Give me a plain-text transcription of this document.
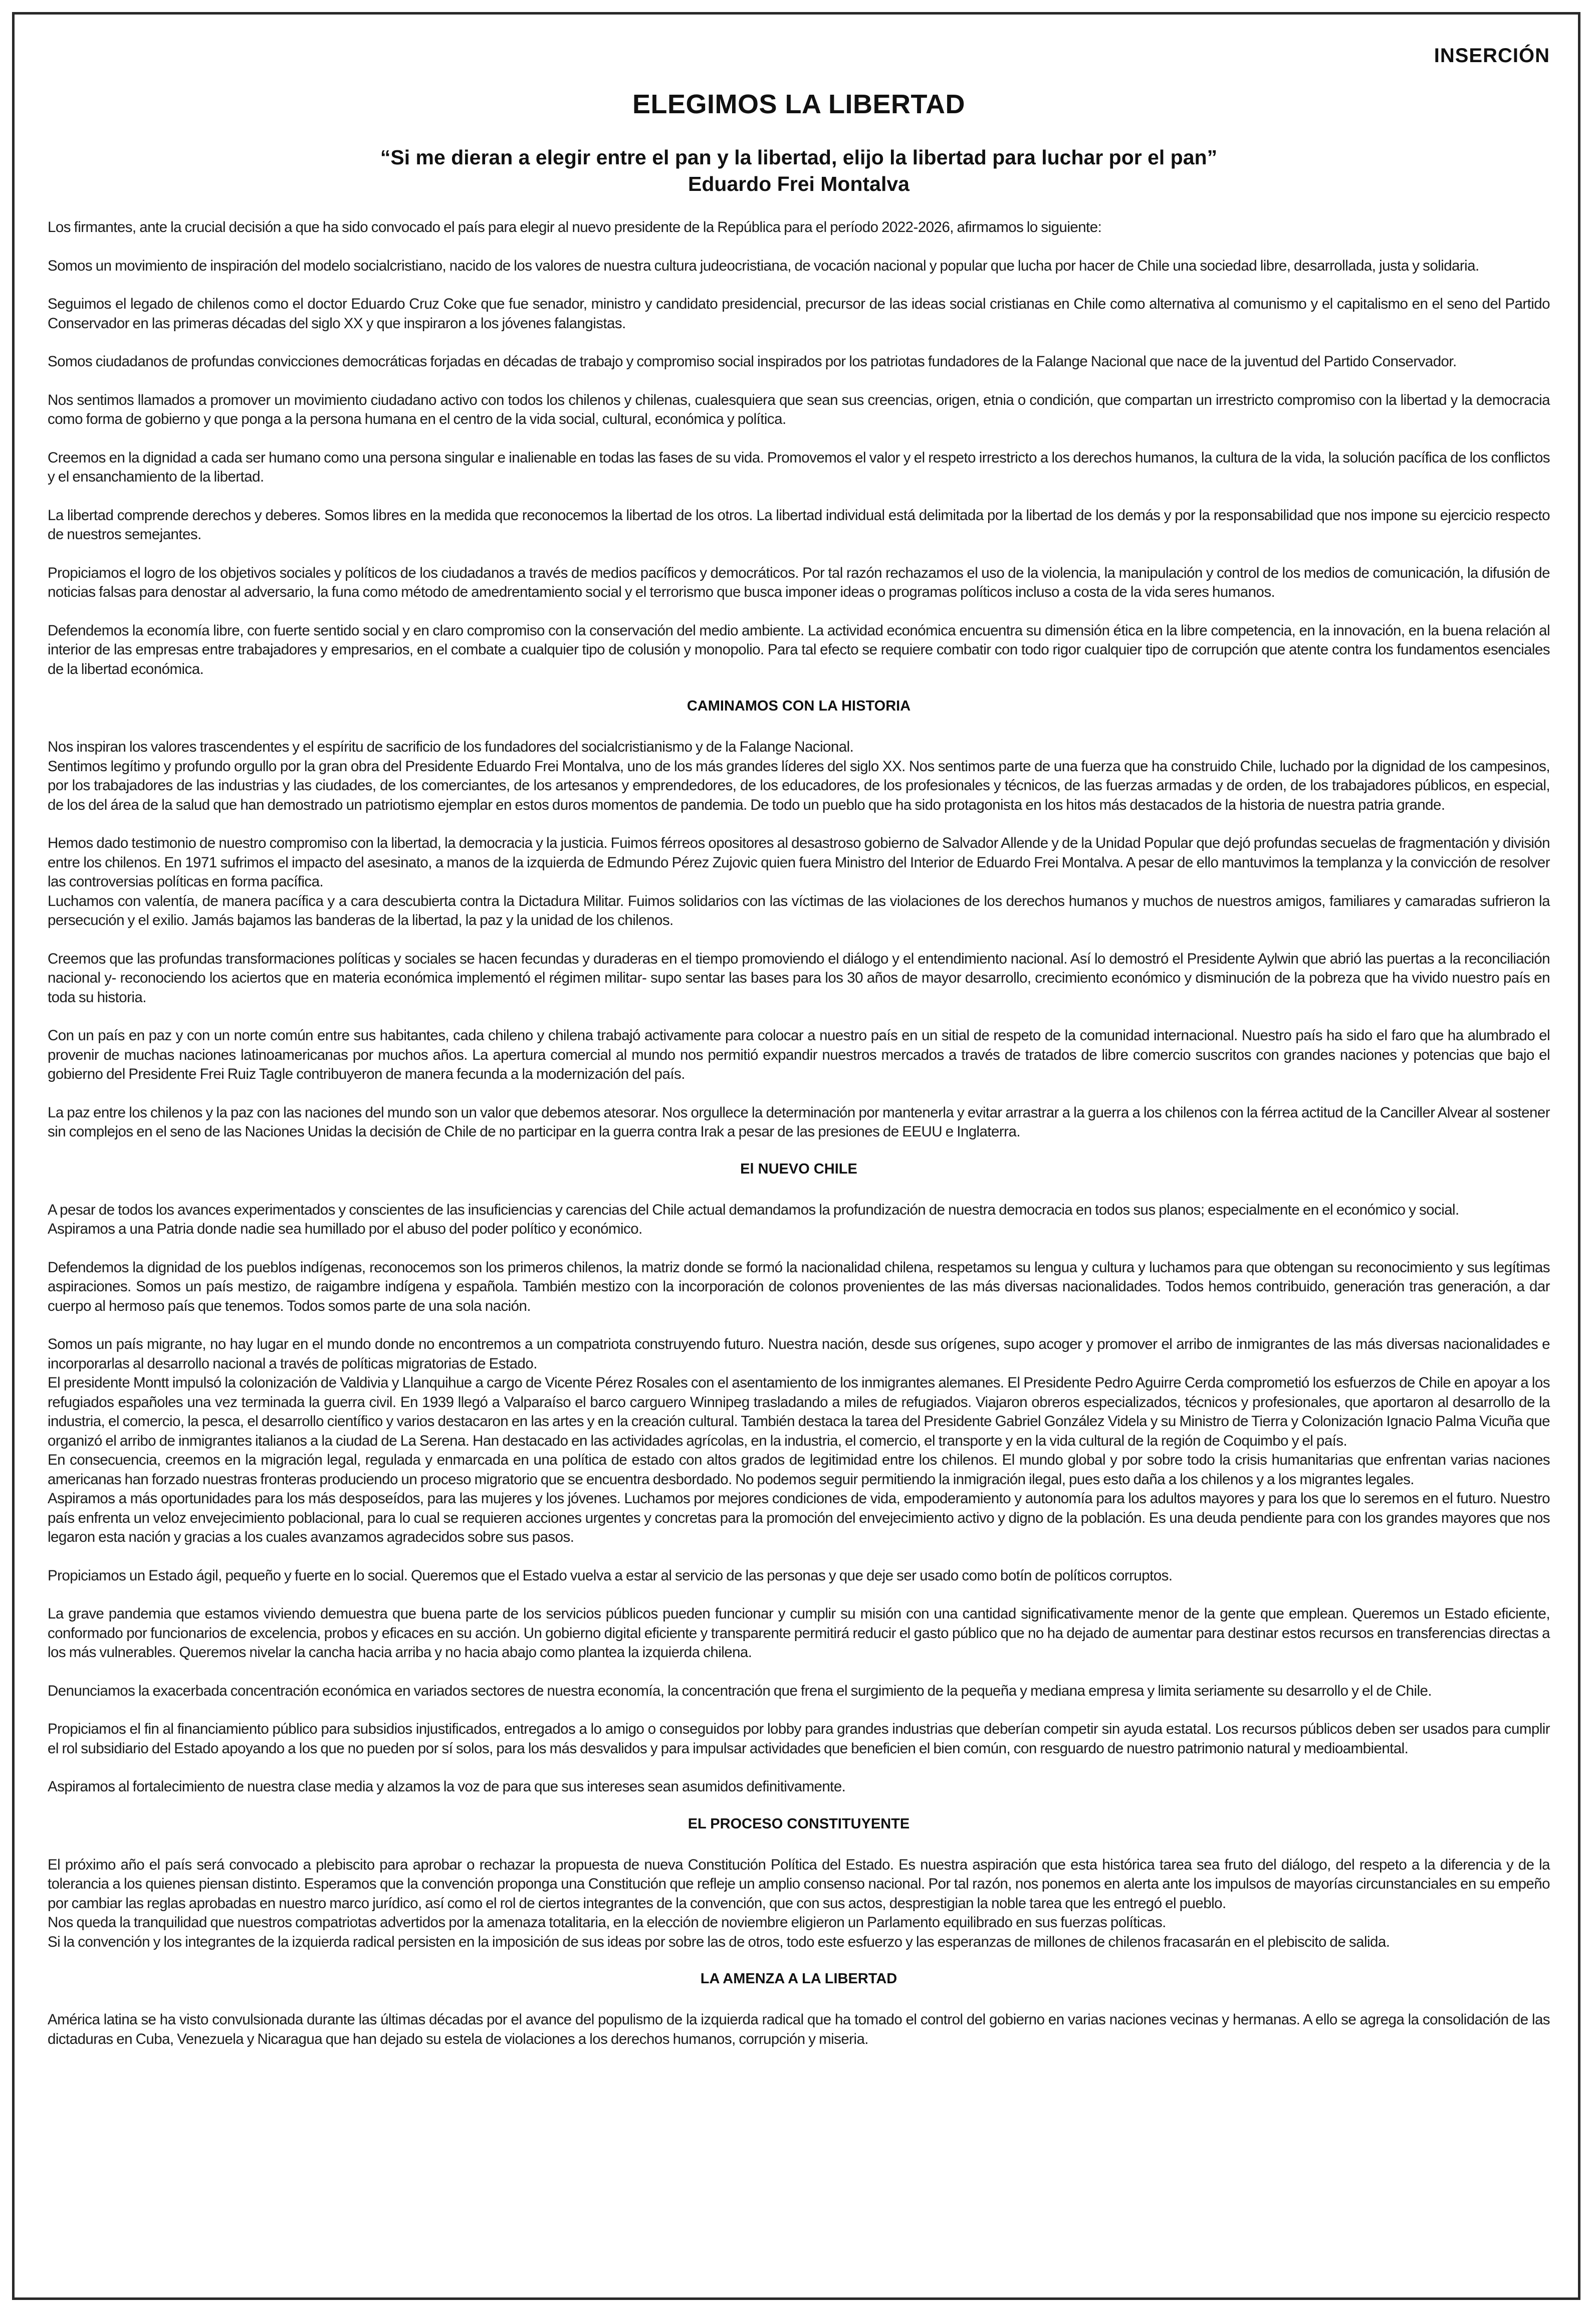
INSERCIÓN
ELEGIMOS LA LIBERTAD
“Si me dieran a elegir entre el pan y la libertad, elijo la libertad para luchar por el pan”
Eduardo Frei Montalva

Los firmantes, ante la crucial decisión a que ha sido convocado el país para elegir al nuevo presidente de la República para el período 2022-2026, afirmamos lo siguiente:

Somos un movimiento de inspiración del modelo socialcristiano, nacido de los valores de nuestra cultura judeocristiana, de vocación nacional y popular que lucha por hacer de Chile una sociedad libre, desarrollada, justa y solidaria.

Seguimos el legado de chilenos como el doctor Eduardo Cruz Coke que fue senador, ministro y candidato presidencial, precursor de las ideas social cristianas en Chile como alternativa al comunismo y el capitalismo en el seno del Partido Conservador en las primeras décadas del siglo XX y que inspiraron a los jóvenes falangistas.

Somos ciudadanos de profundas convicciones democráticas forjadas en décadas de trabajo y compromiso social inspirados por los patriotas fundadores de la Falange Nacional que nace de la juventud del Partido Conservador.

Nos sentimos llamados a promover un movimiento ciudadano activo con todos los chilenos y chilenas, cualesquiera que sean sus creencias, origen, etnia o condición, que compartan un irrestricto compromiso con la libertad y la democracia como forma de gobierno y que ponga a la persona humana en el centro de la vida social, cultural, económica y política.

Creemos en la dignidad a cada ser humano como una persona singular e inalienable en todas las fases de su vida. Promovemos el valor y el respeto irrestricto a los derechos humanos, la cultura de la vida, la solución pacífica de los conflictos y el ensanchamiento de la libertad.

La libertad comprende derechos y deberes. Somos libres en la medida que reconocemos la libertad de los otros. La libertad individual está delimitada por la libertad de los demás y por la responsabilidad que nos impone su ejercicio respecto de nuestros semejantes.

Propiciamos el logro de los objetivos sociales y políticos de los ciudadanos a través de medios pacíficos y democráticos. Por tal razón rechazamos el uso de la violencia, la manipulación y control de los medios de comunicación, la difusión de noticias falsas para denostar al adversario, la funa como método de amedrentamiento social y el terrorismo que busca imponer ideas o programas políticos incluso a costa de la vida seres humanos.

Defendemos la economía libre, con fuerte sentido social y en claro compromiso con la conservación del medio ambiente. La actividad económica encuentra su dimensión ética en la libre competencia, en la innovación, en la buena relación al interior de las empresas entre trabajadores y empresarios, en el combate a cualquier tipo de colusión y monopolio. Para tal efecto se requiere combatir con todo rigor cualquier tipo de corrupción que atente contra los fundamentos esenciales de la libertad económica.

CAMINAMOS CON LA HISTORIA

Nos inspiran los valores trascendentes y el espíritu de sacrificio de los fundadores del socialcristianismo y de la Falange Nacional.

Sentimos legítimo y profundo orgullo por la gran obra del Presidente Eduardo Frei Montalva, uno de los más grandes líderes del siglo XX. Nos sentimos parte de una fuerza que ha construido Chile, luchado por la dignidad de los campesinos, por los trabajadores de las industrias y las ciudades, de los comerciantes, de los artesanos y emprendedores, de los educadores, de los profesionales y técnicos, de las fuerzas armadas y de orden, de los trabajadores públicos, en especial, de los del área de la salud que han demostrado un patriotismo ejemplar en estos duros momentos de pandemia. De todo un pueblo que ha sido protagonista en los hitos más destacados de la historia de nuestra patria grande.

Hemos dado testimonio de nuestro compromiso con la libertad, la democracia y la justicia. Fuimos férreos opositores al desastroso gobierno de Salvador Allende y de la Unidad Popular que dejó profundas secuelas de fragmentación y división entre los chilenos. En 1971 sufrimos el impacto del asesinato, a manos de la izquierda de Edmundo Pérez Zujovic quien fuera Ministro del Interior de Eduardo Frei Montalva. A pesar de ello mantuvimos la templanza y la convicción de resolver las controversias políticas en forma pacífica.

Luchamos con valentía, de manera pacífica y a cara descubierta contra la Dictadura Militar. Fuimos solidarios con las víctimas de las violaciones de los derechos humanos y muchos de nuestros amigos, familiares y camaradas sufrieron la persecución y el exilio. Jamás bajamos las banderas de la libertad, la paz y la unidad de los chilenos.

Creemos que las profundas transformaciones políticas y sociales se hacen fecundas y duraderas en el tiempo promoviendo el diálogo y el entendimiento nacional. Así lo demostró el Presidente Aylwin que abrió las puertas a la reconciliación nacional y- reconociendo los aciertos que en materia económica implementó el régimen militar- supo sentar las bases para los 30 años de mayor desarrollo, crecimiento económico y disminución de la pobreza que ha vivido nuestro país en toda su historia.

Con un país en paz y con un norte común entre sus habitantes, cada chileno y chilena trabajó activamente para colocar a nuestro país en un sitial de respeto de la comunidad internacional. Nuestro país ha sido el faro que ha alumbrado el provenir de muchas naciones latinoamericanas por muchos años. La apertura comercial al mundo nos permitió expandir nuestros mercados a través de tratados de libre comercio suscritos con grandes naciones y potencias que bajo el gobierno del Presidente Frei Ruiz Tagle contribuyeron de manera fecunda a la modernización del país.

La paz entre los chilenos y la paz con las naciones del mundo son un valor que debemos atesorar. Nos orgullece la determinación por mantenerla y evitar arrastrar a la guerra a los chilenos con la férrea actitud de la Canciller Alvear al sostener sin complejos en el seno de las Naciones Unidas la decisión de Chile de no participar en la guerra contra Irak a pesar de las presiones de EEUU e Inglaterra.

El NUEVO CHILE

A pesar de todos los avances experimentados y conscientes de las insuficiencias y carencias del Chile actual demandamos la profundización de nuestra democracia en todos sus planos; especialmente en el económico y social.

Aspiramos a una Patria donde nadie sea humillado por el abuso del poder político y económico.

Defendemos la dignidad de los pueblos indígenas, reconocemos son los primeros chilenos, la matriz donde se formó la nacionalidad chilena, respetamos su lengua y cultura y luchamos para que obtengan su reconocimiento y sus legítimas aspiraciones. Somos un país mestizo, de raigambre indígena y española. También mestizo con la incorporación de colonos provenientes de las más diversas nacionalidades. Todos hemos contribuido, generación tras generación, a dar cuerpo al hermoso país que tenemos. Todos somos parte de una sola nación.

Somos un país migrante, no hay lugar en el mundo donde no encontremos a un compatriota construyendo futuro. Nuestra nación, desde sus orígenes, supo acoger y promover el arribo de inmigrantes de las más diversas nacionalidades e incorporarlas al desarrollo nacional a través de políticas migratorias de Estado.

El presidente Montt impulsó la colonización de Valdivia y Llanquihue a cargo de Vicente Pérez Rosales con el asentamiento de los inmigrantes alemanes. El Presidente Pedro Aguirre Cerda comprometió los esfuerzos de Chile en apoyar a los refugiados españoles una vez terminada la guerra civil. En 1939 llegó a Valparaíso el barco carguero Winnipeg trasladando a miles de refugiados. Viajaron obreros especializados, técnicos y profesionales, que aportaron al desarrollo de la industria, el comercio, la pesca, el desarrollo científico y varios destacaron en las artes y en la creación cultural. También destaca la tarea del Presidente Gabriel González Videla y su Ministro de Tierra y Colonización Ignacio Palma Vicuña que organizó el arribo de inmigrantes italianos a la ciudad de La Serena. Han destacado en las actividades agrícolas, en la industria, el comercio, el transporte y en la vida cultural de la región de Coquimbo y el país.

En consecuencia, creemos en la migración legal, regulada y enmarcada en una política de estado con altos grados de legitimidad entre los chilenos. El mundo global y por sobre todo la crisis humanitarias que enfrentan varias naciones americanas han forzado nuestras fronteras produciendo un proceso migratorio que se encuentra desbordado. No podemos seguir permitiendo la inmigración ilegal, pues esto daña a los chilenos y a los migrantes legales.

Aspiramos a más oportunidades para los más desposeídos, para las mujeres y los jóvenes. Luchamos por mejores condiciones de vida, empoderamiento y autonomía para los adultos mayores y para los que lo seremos en el futuro. Nuestro país enfrenta un veloz envejecimiento poblacional, para lo cual se requieren acciones urgentes y concretas para la promoción del envejecimiento activo y digno de la población. Es una deuda pendiente para con los grandes mayores que nos legaron esta nación y gracias a los cuales avanzamos agradecidos sobre sus pasos.

Propiciamos un Estado ágil, pequeño y fuerte en lo social. Queremos que el Estado vuelva a estar al servicio de las personas y que deje ser usado como botín de políticos corruptos.

La grave pandemia que estamos viviendo demuestra que buena parte de los servicios públicos pueden funcionar y cumplir su misión con una cantidad significativamente menor de la gente que emplean. Queremos un Estado eficiente, conformado por funcionarios de excelencia, probos y eficaces en su acción. Un gobierno digital eficiente y transparente permitirá reducir el gasto público que no ha dejado de aumentar para destinar estos recursos en transferencias directas a los más vulnerables. Queremos nivelar la cancha hacia arriba y no hacia abajo como plantea la izquierda chilena.

Denunciamos la exacerbada concentración económica en variados sectores de nuestra economía, la concentración que frena el surgimiento de la pequeña y mediana empresa y limita seriamente su desarrollo y el de Chile.

Propiciamos el fin al financiamiento público para subsidios injustificados, entregados a lo amigo o conseguidos por lobby para grandes industrias que deberían competir sin ayuda estatal. Los recursos públicos deben ser usados para cumplir el rol subsidiario del Estado apoyando a los que no pueden por sí solos, para los más desvalidos y para impulsar actividades que beneficien el bien común, con resguardo de nuestro patrimonio natural y medioambiental.

Aspiramos al fortalecimiento de nuestra clase media y alzamos la voz de para que sus intereses sean asumidos definitivamente.

EL PROCESO CONSTITUYENTE

El próximo año el país será convocado a plebiscito para aprobar o rechazar la propuesta de nueva Constitución Política del Estado. Es nuestra aspiración que esta histórica tarea sea fruto del diálogo, del respeto a la diferencia y de la tolerancia a los quienes piensan distinto. Esperamos que la convención proponga una Constitución que refleje un amplio consenso nacional. Por tal razón, nos ponemos en alerta ante los impulsos de mayorías circunstanciales en su empeño por cambiar las reglas aprobadas en nuestro marco jurídico, así como el rol de ciertos integrantes de la convención, que con sus actos, desprestigian la noble tarea que les entregó el pueblo.

Nos queda la tranquilidad que nuestros compatriotas advertidos por la amenaza totalitaria, en la elección de noviembre eligieron un Parlamento equilibrado en sus fuerzas políticas.

Si la convención y los integrantes de la izquierda radical persisten en la imposición de sus ideas por sobre las de otros, todo este esfuerzo y las esperanzas de millones de chilenos fracasarán en el plebiscito de salida.

LA AMENZA A LA LIBERTAD

América latina se ha visto convulsionada durante las últimas décadas por el avance del populismo de la izquierda radical que ha tomado el control del gobierno en varias naciones vecinas y hermanas. A ello se agrega la consolidación de las dictaduras en Cuba, Venezuela y Nicaragua que han dejado su estela de violaciones a los derechos humanos, corrupción y miseria.
